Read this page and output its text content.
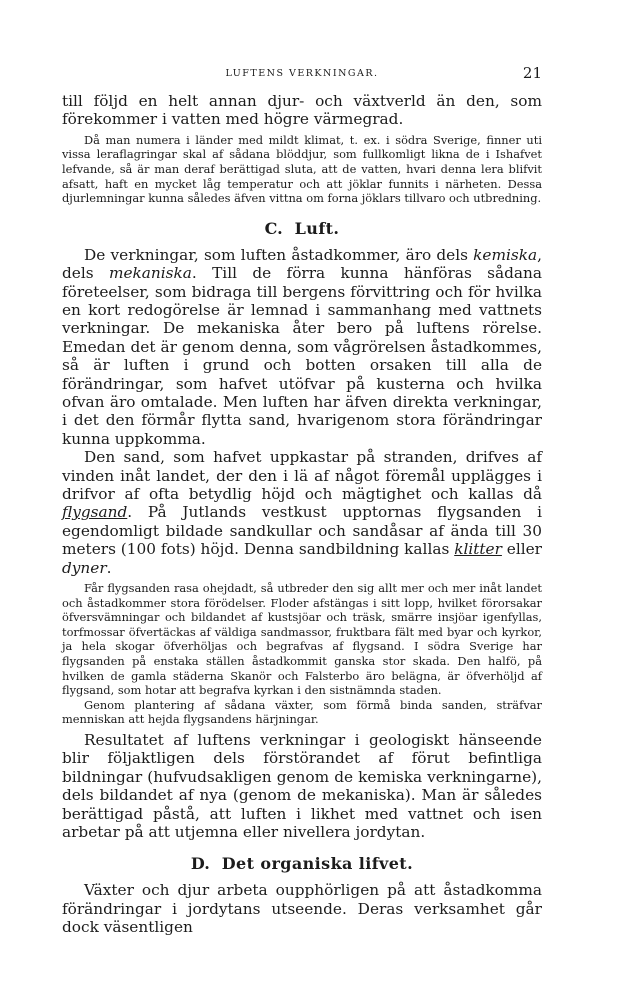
LUFTENS VERKNINGAR.	21

till följd en helt annan djur- och växtverld än den, som förekommer i vatten med högre värmegrad.

Då man numera i länder med mildt klimat, t. ex. i södra Sverige, finner uti vissa leraflagringar skal af sådana blöddjur, som fullkomligt likna de i Ishafvet lefvande, så är man deraf berättigad sluta, att de vatten, hvari denna lera blifvit afsatt, haft en mycket låg temperatur och att jöklar funnits i närheten. Dessa djurlemningar kunna således äfven vittna om forna jöklars tillvaro och utbredning.

C. Luft.

De verkningar, som luften åstadkommer, äro dels kemiska, dels mekaniska. Till de förra kunna hänföras sådana företeelser, som bidraga till bergens förvittring och för hvilka en kort redogörelse är lemnad i sammanhang med vattnets verkningar. De mekaniska åter bero på luftens rörelse. Emedan det är genom denna, som vågrörelsen åstadkommes, så är luften i grund och botten orsaken till alla de förändringar, som hafvet utöfvar på kusterna och hvilka ofvan äro omtalade. Men luften har äfven direkta verkningar, i det den förmår flytta sand, hvarigenom stora förändringar kunna uppkomma.

Den sand, som hafvet uppkastar på stranden, drifves af vinden inåt landet, der den i lä af något föremål upplägges i drifvor af ofta betydlig höjd och mägtighet och kallas då flygsand. På Jutlands vestkust upptornas flygsanden i egendomligt bildade sandkullar och sandåsar af ända till 30 meters (100 fots) höjd. Denna sandbildning kallas klitter eller dyner.

Får flygsanden rasa ohejdadt, så utbreder den sig allt mer och mer inåt landet och åstadkommer stora förödelser. Floder afstängas i sitt lopp, hvilket förorsakar öfversvämningar och bildandet af kustsjöar och träsk, smärre insjöar igenfyllas, torfmossar öfvertäckas af väldiga sandmassor, fruktbara fält med byar och kyrkor, ja hela skogar öfverhöljas och begrafvas af flygsand. I södra Sverige har flygsanden på enstaka ställen åstadkommit ganska stor skada. Den halfö, på hvilken de gamla städerna Skanör och Falsterbo äro belägna, är öfverhöljd af flygsand, som hotar att begrafva kyrkan i den sistnämnda staden.

Genom plantering af sådana växter, som förmå binda sanden, sträfvar menniskan att hejda flygsandens härjningar.

Resultatet af luftens verkningar i geologiskt hänseende blir följaktligen dels förstörandet af förut befintliga bildningar (hufvudsakligen genom de kemiska verkningarne), dels bildandet af nya (genom de mekaniska). Man är således berättigad påstå, att luften i likhet med vattnet och isen arbetar på att utjemna eller nivellera jordytan.

D. Det organiska lifvet.

Växter och djur arbeta oupphörligen på att åstadkomma förändringar i jordytans utseende. Deras verksamhet går dock väsentligen
